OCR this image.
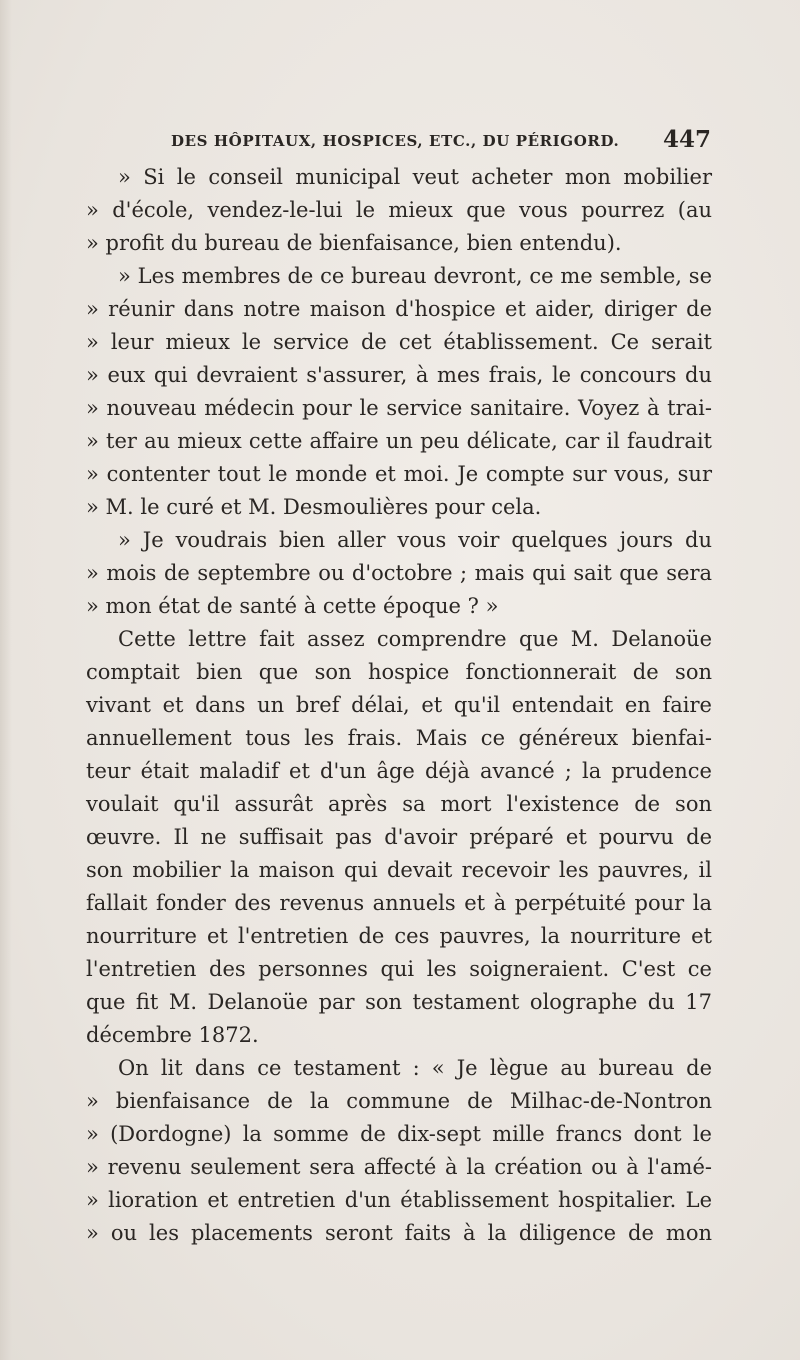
DES HÔPITAUX, HOSPICES, ETC., DU PÉRIGORD. 447
» Si le conseil municipal veut acheter mon mobilier
» d'école, vendez-le-lui le mieux que vous pourrez (au
» profit du bureau de bienfaisance, bien entendu).
» Les membres de ce bureau devront, ce me semble, se
» réunir dans notre maison d'hospice et aider, diriger de
» leur mieux le service de cet établissement. Ce serait
» eux qui devraient s'assurer, à mes frais, le concours du
» nouveau médecin pour le service sanitaire. Voyez à trai-
» ter au mieux cette affaire un peu délicate, car il faudrait
» contenter tout le monde et moi. Je compte sur vous, sur
» M. le curé et M. Desmoulières pour cela.
» Je voudrais bien aller vous voir quelques jours du
» mois de septembre ou d'octobre ; mais qui sait que sera
» mon état de santé à cette époque ? »
Cette lettre fait assez comprendre que M. Delanoüe
comptait bien que son hospice fonctionnerait de son
vivant et dans un bref délai, et qu'il entendait en faire
annuellement tous les frais. Mais ce généreux bienfai-
teur était maladif et d'un âge déjà avancé ; la prudence
voulait qu'il assurât après sa mort l'existence de son
œuvre. Il ne suffisait pas d'avoir préparé et pourvu de
son mobilier la maison qui devait recevoir les pauvres, il
fallait fonder des revenus annuels et à perpétuité pour la
nourriture et l'entretien de ces pauvres, la nourriture et
l'entretien des personnes qui les soigneraient. C'est ce
que fit M. Delanoüe par son testament olographe du 17
décembre 1872.
On lit dans ce testament : « Je lègue au bureau de
» bienfaisance de la commune de Milhac-de-Nontron
» (Dordogne) la somme de dix-sept mille francs dont le
» revenu seulement sera affecté à la création ou à l'amé-
» lioration et entretien d'un établissement hospitalier. Le
» ou les placements seront faits à la diligence de mon
